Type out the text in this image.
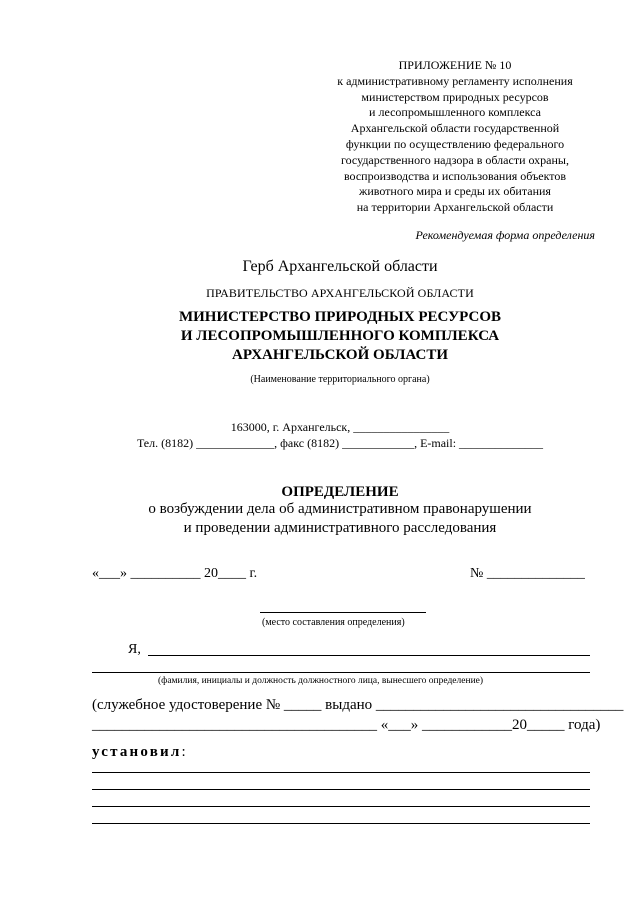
ПРИЛОЖЕНИЕ № 10
к административному регламенту исполнения
министерством природных ресурсов
и лесопромышленного комплекса
Архангельской области государственной
функции по осуществлению федерального
государственного надзора в области охраны,
воспроизводства и использования объектов
животного мира и среды их обитания
на территории Архангельской области
Рекомендуемая форма определения
Герб Архангельской области
ПРАВИТЕЛЬСТВО АРХАНГЕЛЬСКОЙ ОБЛАСТИ
МИНИСТЕРСТВО ПРИРОДНЫХ РЕСУРСОВ
И ЛЕСОПРОМЫШЛЕННОГО КОМПЛЕКСА
АРХАНГЕЛЬСКОЙ ОБЛАСТИ
(Наименование территориального органа)
163000, г. Архангельск, ________________
Тел. (8182) _____________, факс (8182) ____________, E-mail: ______________
ОПРЕДЕЛЕНИЕ
о возбуждении дела об административном правонарушении
и проведении административного расследования
«___» __________ 20____ г.	№ ______________
(место составления определения)
Я,
(фамилия, инициалы и должность должностного лица, вынесшего определение)
(служебное удостоверение № _____ выдано _________________________________
______________________________________ «___» ____________20_____ года)
установил:
